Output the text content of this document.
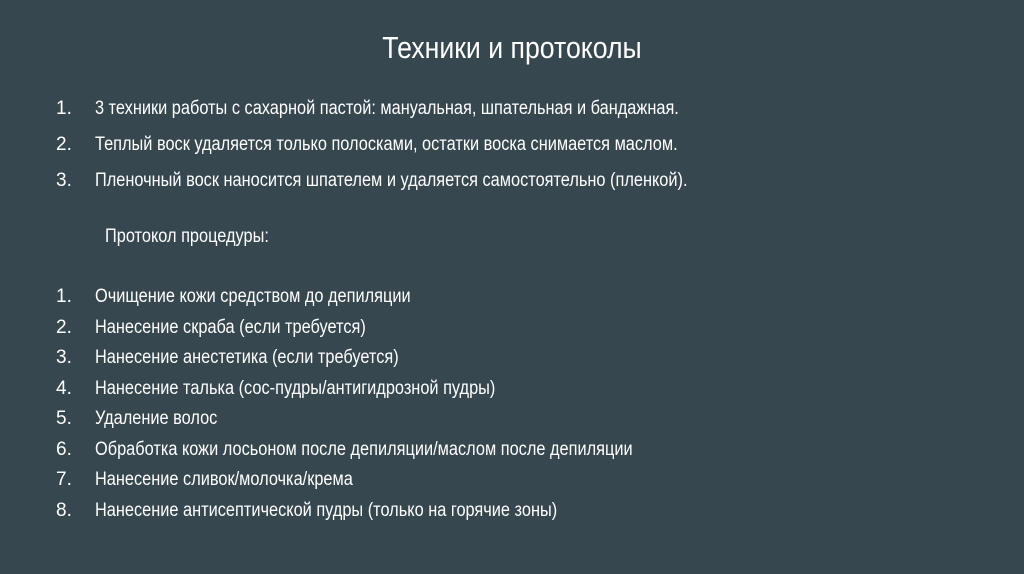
Техники и протоколы
1.	3 техники работы с сахарной пастой: мануальная, шпательная и бандажная.
2.	Теплый воск удаляется только полосками, остатки воска снимается маслом.
3.	Пленочный воск наносится шпателем и удаляется самостоятельно (пленкой).
Протокол процедуры:
1.	Очищение кожи средством до депиляции
2.	Нанесение скраба (если требуется)
3.	Нанесение анестетика (если требуется)
4.	Нанесение талька (сос-пудры/антигидрозной пудры)
5.	Удаление волос
6.	Обработка кожи лосьоном после депиляции/маслом после депиляции
7.	Нанесение сливок/молочка/крема
8.	Нанесение антисептической пудры (только на горячие зоны)
